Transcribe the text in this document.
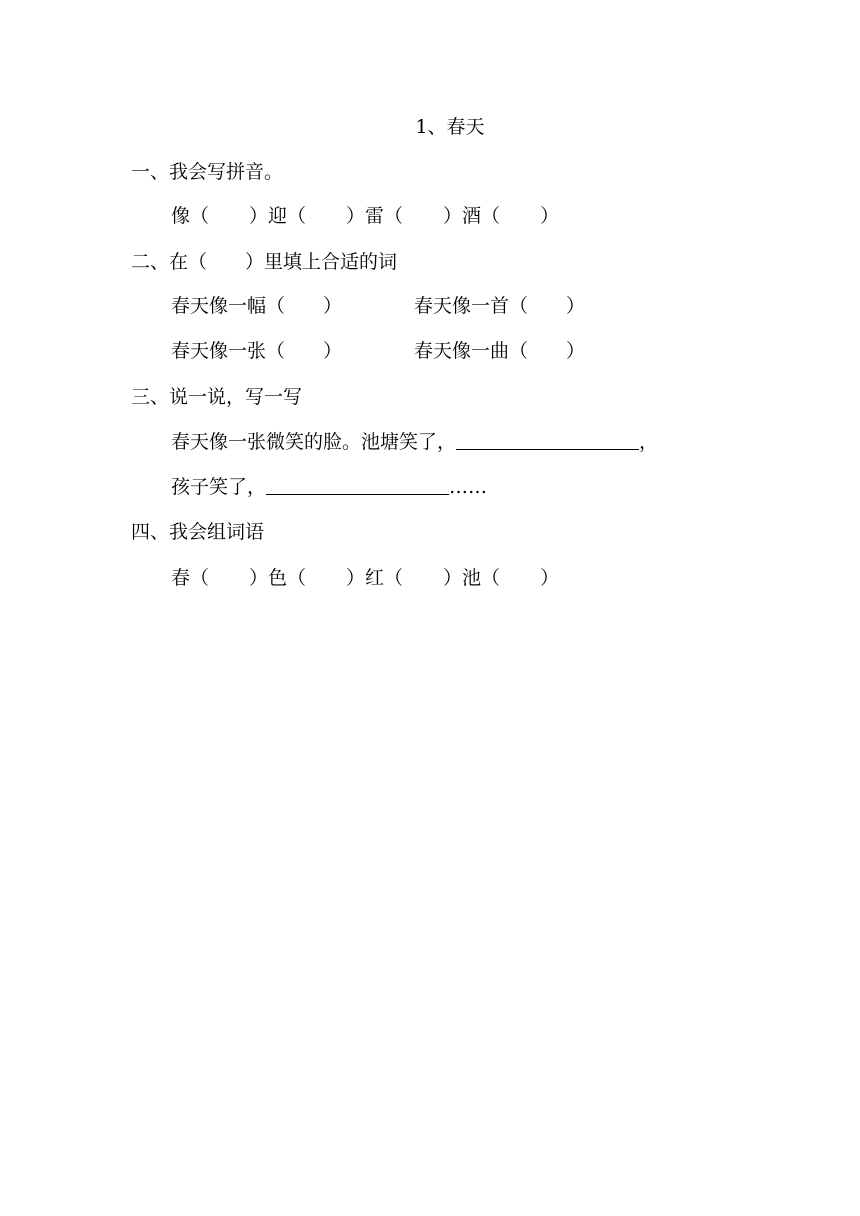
1、春天
一、我会写拼音。
像（ ）迎（ ）雷（ ）酒（ ）
二、在（　　）里填上合适的词
春天像一幅（　　）	春天像一首（　　）
春天像一张（　　）	春天像一曲（　　）
三、说一说，写一写
春天像一张微笑的脸。池塘笑了，	，
孩子笑了，	……
四、我会组词语
春（ ）色（ ）红（ ）池（ ）
